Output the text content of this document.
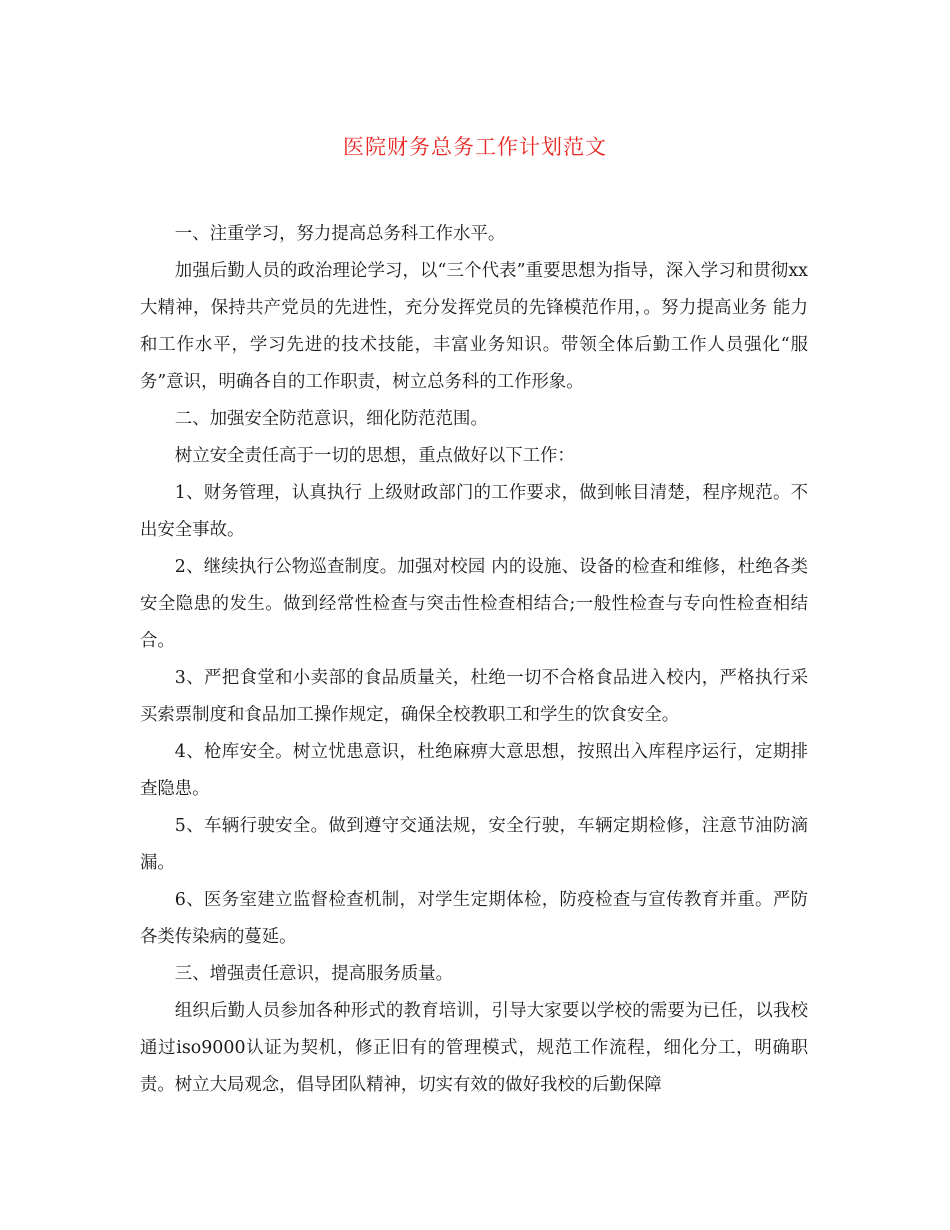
医院财务总务工作计划范文

一、注重学习，努力提高总务科工作水平。

加强后勤人员的政治理论学习，以“三个代表”重要思想为指导，深入学习和贯彻xx大精神，保持共产党员的先进性，充分发挥党员的先锋模范作用，。努力提高业务 能力和工作水平，学习先进的技术技能，丰富业务知识。带领全体后勤工作人员强化“服务”意识，明确各自的工作职责，树立总务科的工作形象。

二、加强安全防范意识，细化防范范围。

树立安全责任高于一切的思想，重点做好以下工作：

1、财务管理，认真执行 上级财政部门的工作要求，做到帐目清楚，程序规范。不出安全事故。

2、继续执行公物巡查制度。加强对校园 内的设施、设备的检查和维修，杜绝各类安全隐患的发生。做到经常性检查与突击性检查相结合;一般性检查与专向性检查相结合。

3、严把食堂和小卖部的食品质量关，杜绝一切不合格食品进入校内，严格执行采买索票制度和食品加工操作规定，确保全校教职工和学生的饮食安全。

4、枪库安全。树立忧患意识，杜绝麻痹大意思想，按照出入库程序运行，定期排查隐患。

5、车辆行驶安全。做到遵守交通法规，安全行驶，车辆定期检修，注意节油防滴漏。

6、医务室建立监督检查机制，对学生定期体检，防疫检查与宣传教育并重。严防各类传染病的蔓延。

三、增强责任意识，提高服务质量。

组织后勤人员参加各种形式的教育培训，引导大家要以学校的需要为已任，以我校通过iso9000认证为契机，修正旧有的管理模式，规范工作流程，细化分工，明确职责。树立大局观念，倡导团队精神，切实有效的做好我校的后勤保障
